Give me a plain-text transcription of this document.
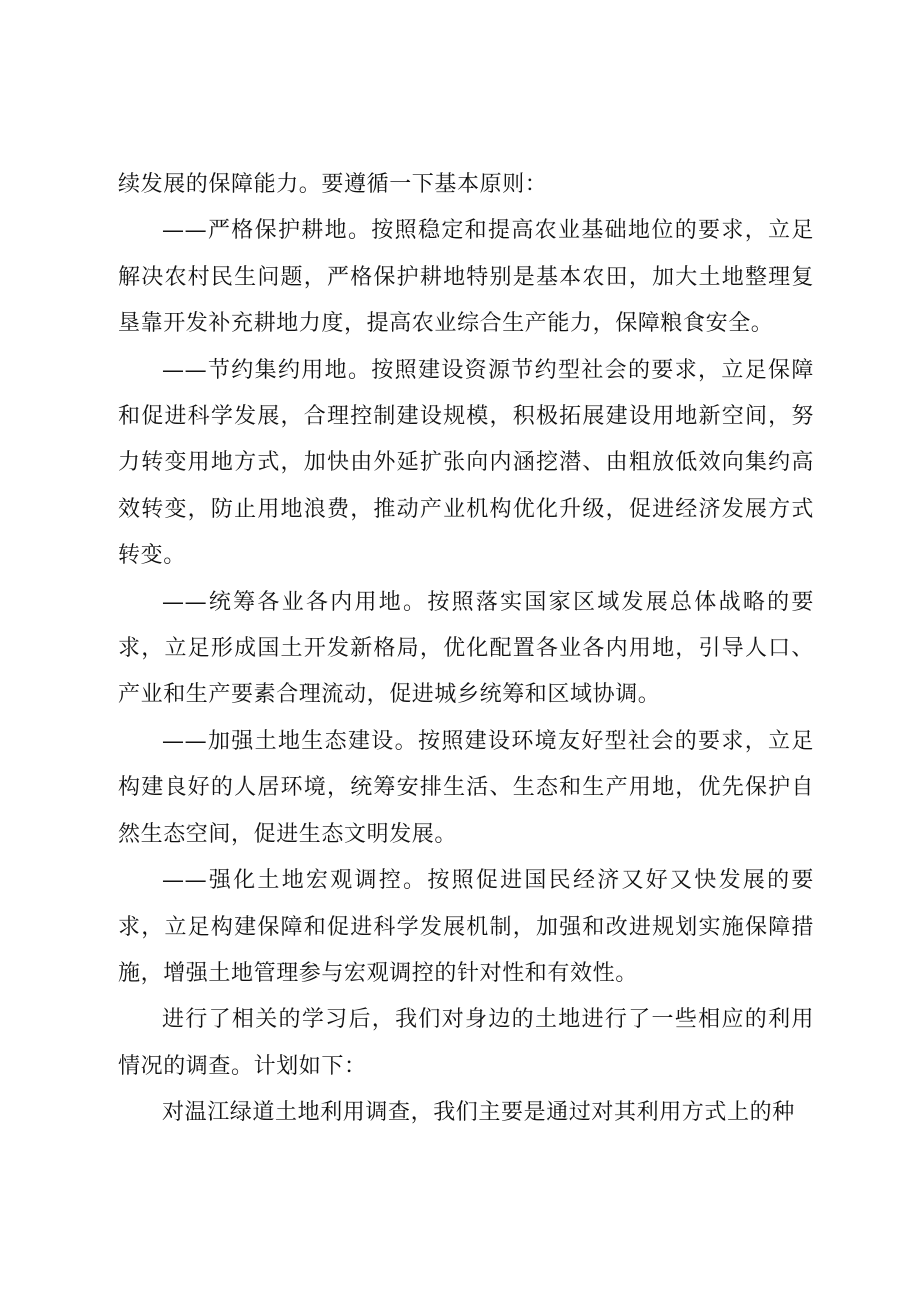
续发展的保障能力。要遵循一下基本原则：

——严格保护耕地。按照稳定和提高农业基础地位的要求，立足解决农村民生问题，严格保护耕地特别是基本农田，加大土地整理复垦靠开发补充耕地力度，提高农业综合生产能力，保障粮食安全。

——节约集约用地。按照建设资源节约型社会的要求，立足保障和促进科学发展，合理控制建设规模，积极拓展建设用地新空间，努力转变用地方式，加快由外延扩张向内涵挖潜、由粗放低效向集约高效转变，防止用地浪费，推动产业机构优化升级，促进经济发展方式转变。

——统筹各业各内用地。按照落实国家区域发展总体战略的要求，立足形成国土开发新格局，优化配置各业各内用地，引导人口、产业和生产要素合理流动，促进城乡统筹和区域协调。

——加强土地生态建设。按照建设环境友好型社会的要求，立足构建良好的人居环境，统筹安排生活、生态和生产用地，优先保护自然生态空间，促进生态文明发展。

——强化土地宏观调控。按照促进国民经济又好又快发展的要求，立足构建保障和促进科学发展机制，加强和改进规划实施保障措施，增强土地管理参与宏观调控的针对性和有效性。

进行了相关的学习后，我们对身边的土地进行了一些相应的利用情况的调查。计划如下：

对温江绿道土地利用调查，我们主要是通过对其利用方式上的种
